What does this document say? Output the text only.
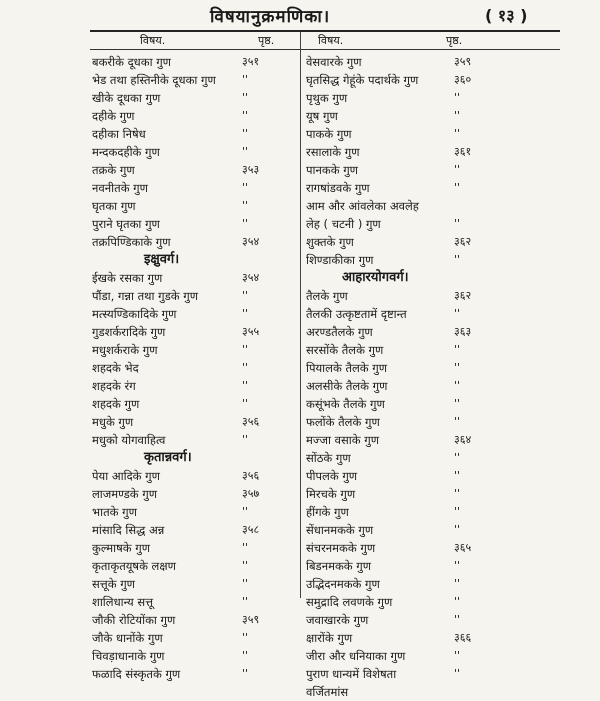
विषयानुक्रमणिका।	( १३ )
विषय.	पृष्ठ.	विषय.	पृष्ठ.
बकरीके दूधका गुण	३५१
भेड तथा हस्तिनीके दूधका गुण ''
खीके दूधका गुण	''
दहीके गुण	''
दहीका निषेध	''
मन्दकदहीके गुण	''
तक्रके गुण	३५३
नवनीतके गुण	''
घृतका गुण	''
पुराने घृतका गुण	''
तक्रपिण्डिकाके गुण	३५४
इक्षुवर्ग।
ईखके रसका गुण	३५४
पौंडा, गन्ना तथा गुडके गुण	''
मत्स्यण्डिकादिके गुण	''
गुडशर्करादिके गुण	३५५
मधुशर्कराके गुण	''
शहदके भेद	''
शहदके रंग	''
शहदके गुण	''
मधुके गुण	३५६
मधुको योगवाहित्व	''
कृतान्नवर्ग।
पेया आदिके गुण	३५६
लाजमण्डके गुण	३५७
भातके गुण	''
मांसादि सिद्ध अन्न	३५८
कुल्माषके गुण	''
कृताकृतयूषके लक्षण	''
सत्तूके गुण	''
शालिधान्य सत्तू	''
जौकी रोटियोंका गुण	३५९
जौके धानोंके गुण	''
चिवड़ाधानाके गुण	''
फळादि संस्कृतके गुण	''
वेसवारके गुण	३५९
घृतसिद्ध गेहूंके पदार्थके गुण	३६०
पृथुक गुण	''
यूष गुण	''
पाकके गुण	''
रसालाके गुण	३६१
पानकके गुण	''
रागषांडवके गुण	''
आम और आंवलेका अवलेह
लेह ( चटनी ) गुण	''
शुक्तके गुण	३६२
शिण्डाकीका गुण	''
आहारयोगवर्ग।
तैलके गुण	३६२
तैलकी उत्कृष्टतामें दृष्टान्त	''
अरण्डतैलके गुण	३६३
सरसोंके तैलके गुण	''
पियालके तैलके गुण	''
अलसीके तैलके गुण	''
कसूंभके तैलके गुण	''
फलोंके तैलके गुण	''
मज्जा वसाके गुण	३६४
सोंठके गुण	''
पीपलके गुण	''
मिरचके गुण	''
हींगके गुण	''
सेंधानमकके गुण	''
संचरनमकके गुण	३६५
बिडनमकके गुण	''
उद्भिदनमकके गुण	''
समुद्रादि लवणके गुण	''
जवाखारके गुण	''
क्षारोंके गुण	३६६
जीरा और धनियाका गुण	''
पुराण धान्यमें विशेषता	''
वर्जितमांस
